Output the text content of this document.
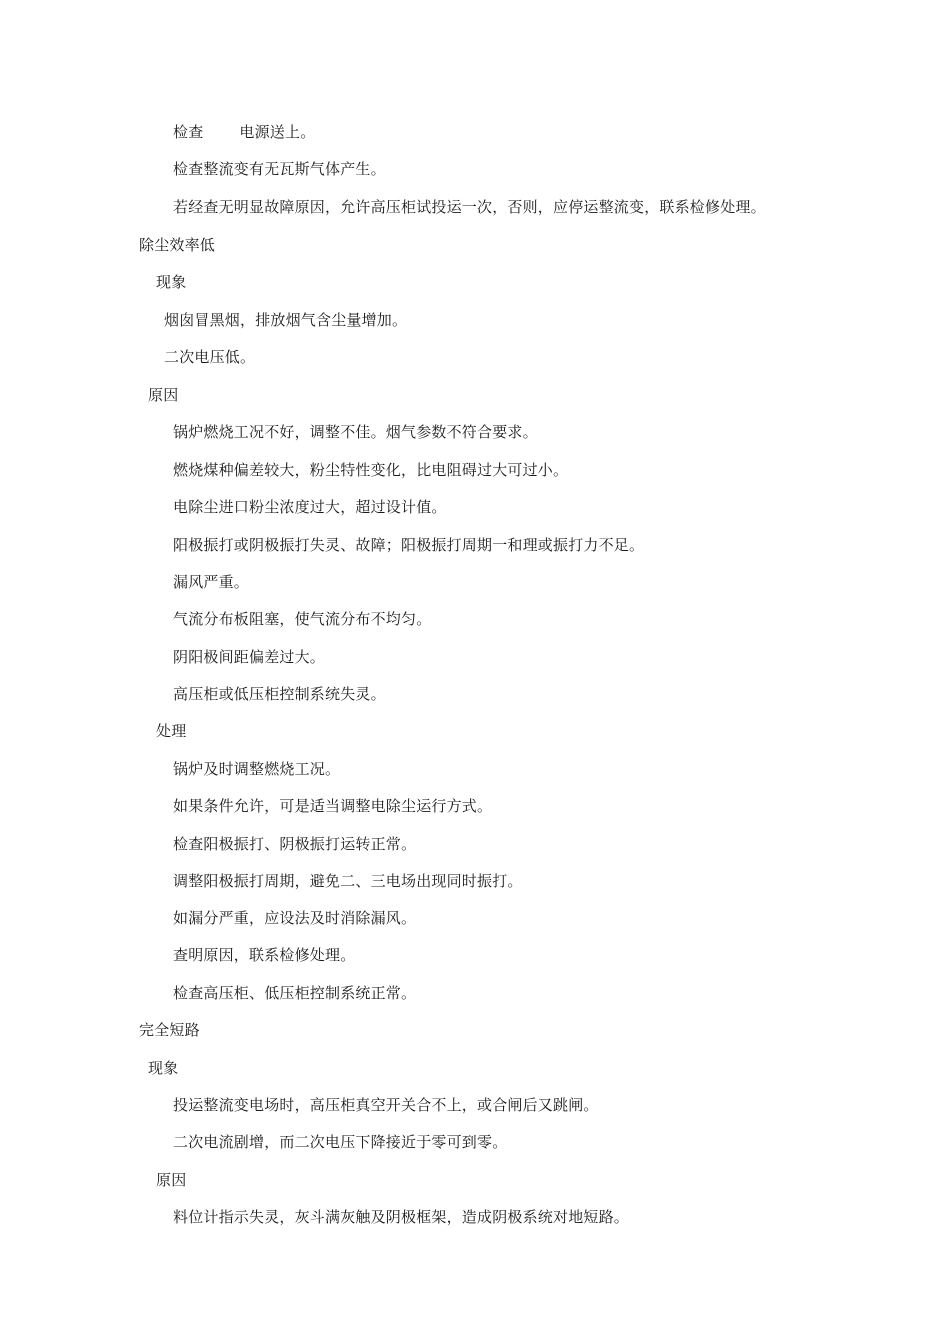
检查 电源送上。
检查整流变有无瓦斯气体产生。
若经查无明显故障原因，允许高压柜试投运一次，否则，应停运整流变，联系检修处理。
除尘效率低
现象
烟囱冒黑烟，排放烟气含尘量增加。
二次电压低。
原因
锅炉燃烧工况不好，调整不佳。烟气参数不符合要求。
燃烧煤种偏差较大，粉尘特性变化，比电阻碍过大可过小。
电除尘进口粉尘浓度过大，超过设计值。
阳极振打或阴极振打失灵、故障；阳极振打周期一和理或振打力不足。
漏风严重。
气流分布板阻塞，使气流分布不均匀。
阴阳极间距偏差过大。
高压柜或低压柜控制系统失灵。
处理
锅炉及时调整燃烧工况。
如果条件允许，可是适当调整电除尘运行方式。
检查阳极振打、阴极振打运转正常。
调整阳极振打周期，避免二、三电场出现同时振打。
如漏分严重，应设法及时消除漏风。
查明原因，联系检修处理。
检查高压柜、低压柜控制系统正常。
完全短路
现象
投运整流变电场时，高压柜真空开关合不上，或合闸后又跳闸。
二次电流剧增，而二次电压下降接近于零可到零。
原因
料位计指示失灵，灰斗满灰触及阴极框架，造成阴极系统对地短路。
